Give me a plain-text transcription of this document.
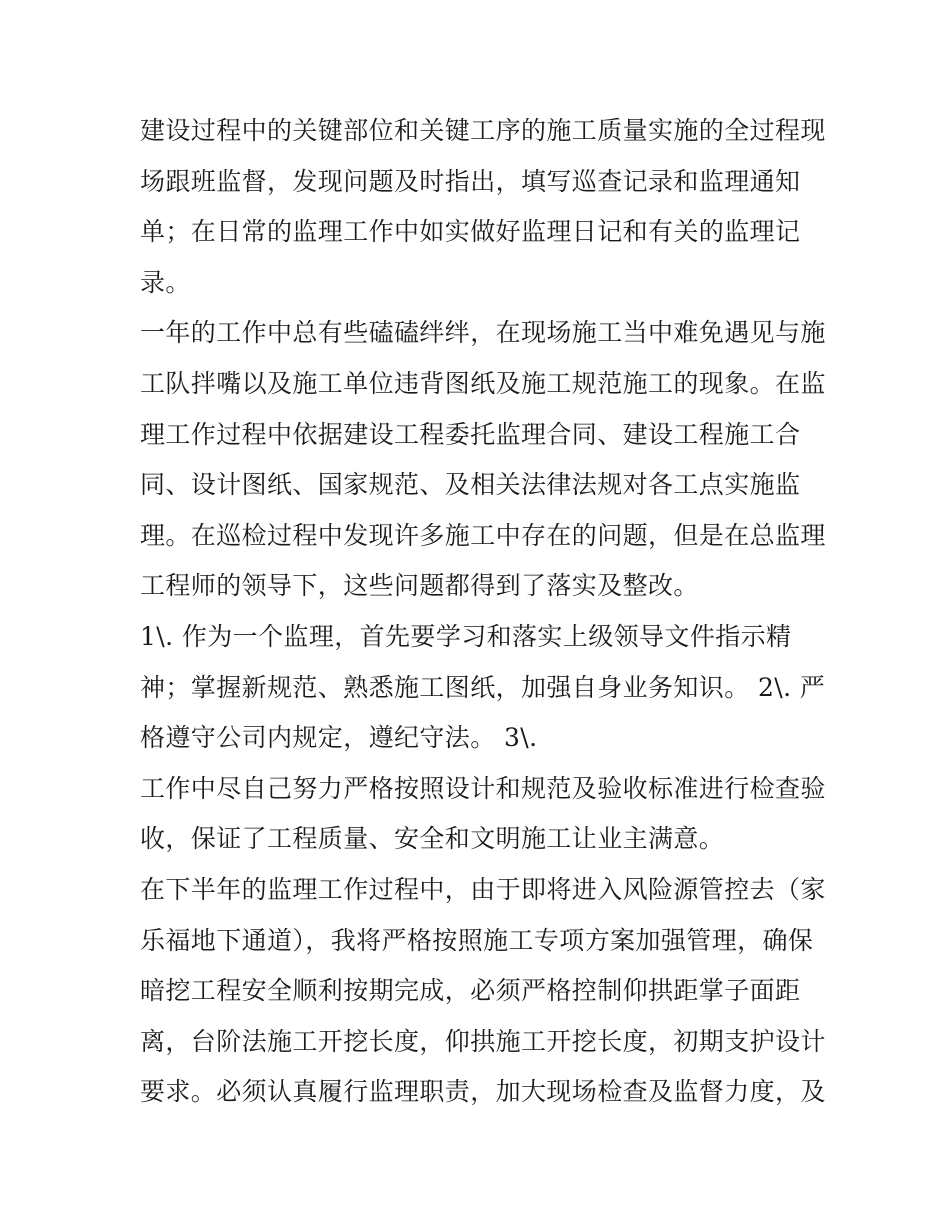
建设过程中的关键部位和关键工序的施工质量实施的全过程现
场跟班监督，发现问题及时指出，填写巡查记录和监理通知
单；在日常的监理工作中如实做好监理日记和有关的监理记
录。
一年的工作中总有些磕磕绊绊，在现场施工当中难免遇见与施
工队拌嘴以及施工单位违背图纸及施工规范施工的现象。在监
理工作过程中依据建设工程委托监理合同、建设工程施工合
同、设计图纸、国家规范、及相关法律法规对各工点实施监
理。在巡检过程中发现许多施工中存在的问题，但是在总监理
工程师的领导下，这些问题都得到了落实及整改。
1\. 作为一个监理，首先要学习和落实上级领导文件指示精
神；掌握新规范、熟悉施工图纸，加强自身业务知识。 2\. 严
格遵守公司内规定，遵纪守法。 3\.
工作中尽自己努力严格按照设计和规范及验收标准进行检查验
收，保证了工程质量、安全和文明施工让业主满意。
在下半年的监理工作过程中，由于即将进入风险源管控去（家
乐福地下通道），我将严格按照施工专项方案加强管理，确保
暗挖工程安全顺利按期完成，必须严格控制仰拱距掌子面距
离，台阶法施工开挖长度，仰拱施工开挖长度，初期支护设计
要求。必须认真履行监理职责，加大现场检查及监督力度，及
